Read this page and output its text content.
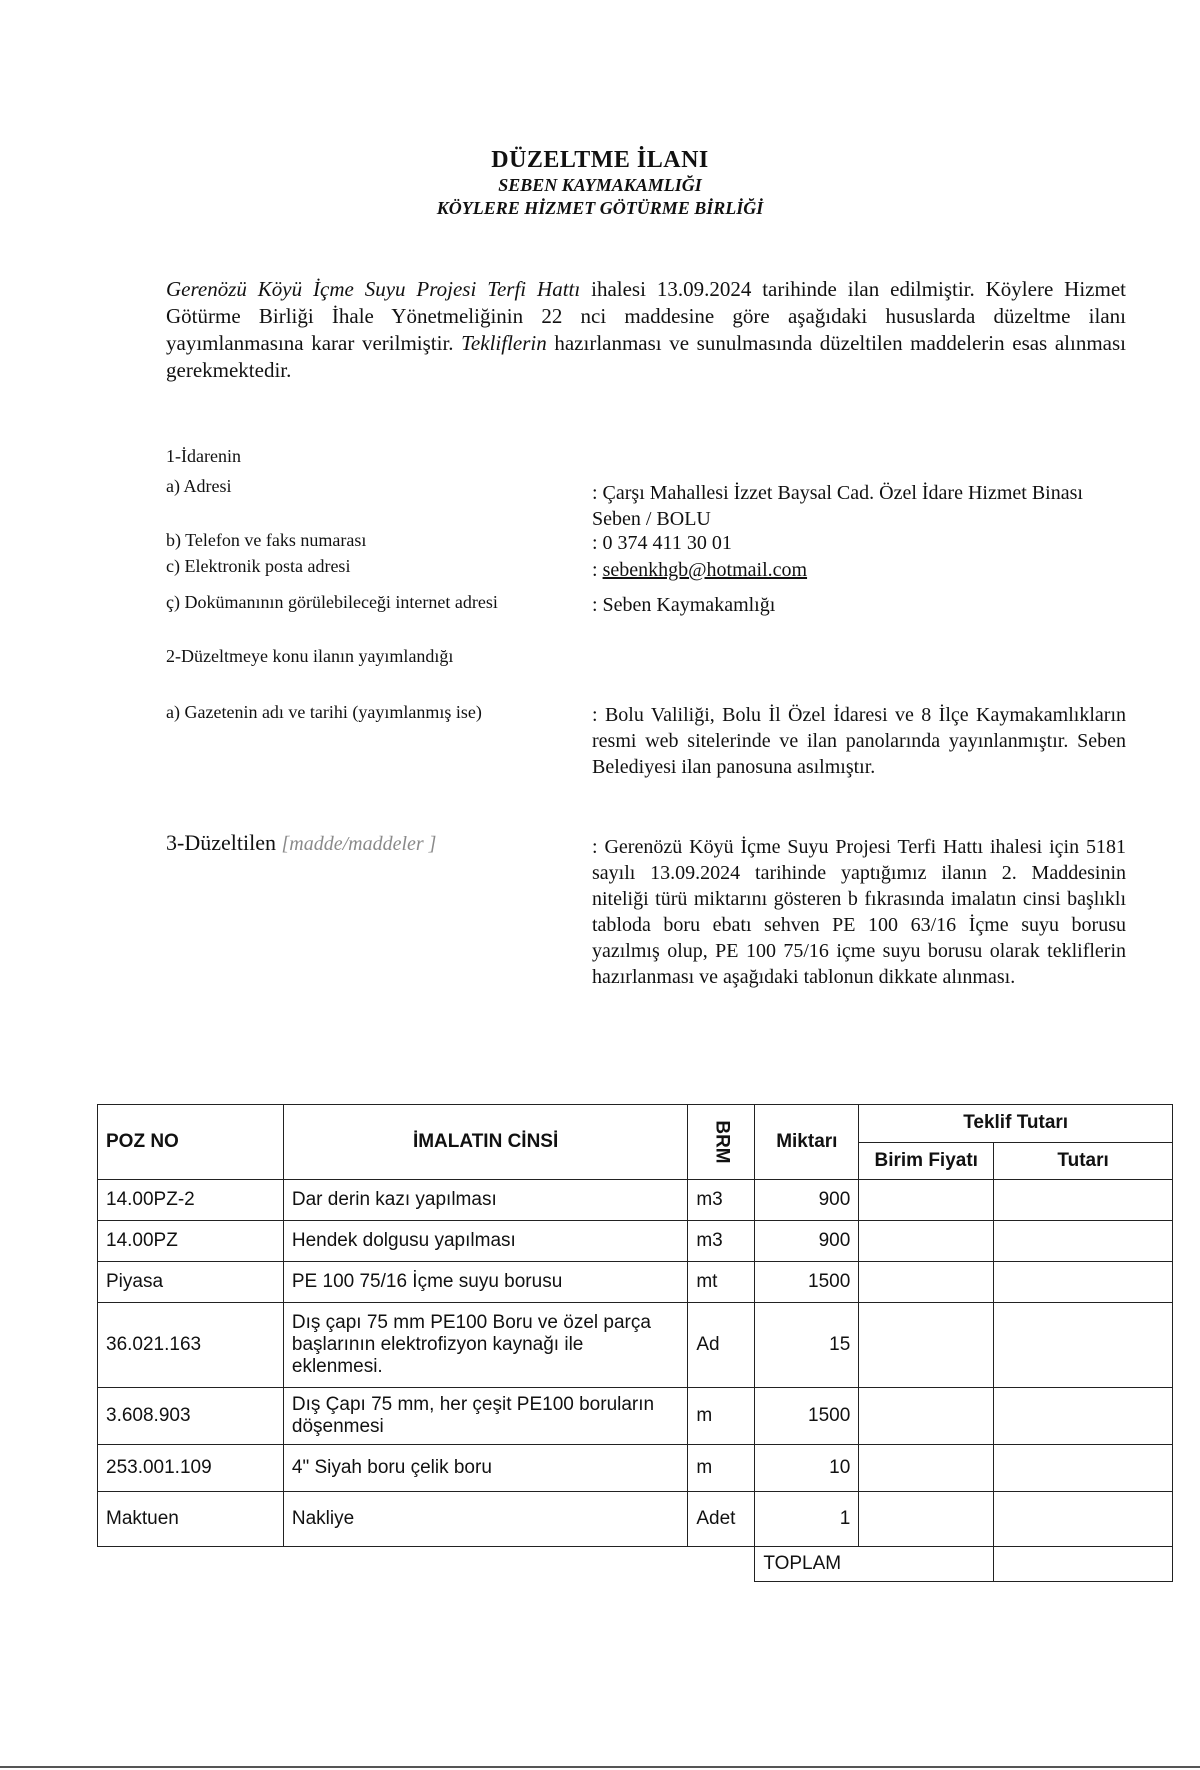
DÜZELTME İLANI
SEBEN KAYMAKAMLIĞI
KÖYLERE HİZMET GÖTÜRME BİRLİĞİ
Gerenözü Köyü İçme Suyu Projesi Terfi Hattı ihalesi 13.09.2024 tarihinde ilan edilmiştir. Köylere Hizmet Götürme Birliği İhale Yönetmeliğinin 22 nci maddesine göre aşağıdaki hususlarda düzeltme ilanı yayımlanmasına karar verilmiştir. Tekliflerin hazırlanması ve sunulmasında düzeltilen maddelerin esas alınması gerekmektedir.
1-İdarenin
a) Adresi	: Çarşı Mahallesi İzzet Baysal Cad. Özel İdare Hizmet Binası Seben / BOLU
b) Telefon ve faks numarası	: 0 374 411 30 01
c) Elektronik posta adresi	: sebenkhgb@hotmail.com
ç) Dokümanının görülebileceği internet adresi	: Seben Kaymakamlığı
2-Düzeltmeye konu ilanın yayımlandığı
a) Gazetenin adı ve tarihi (yayımlanmış ise)	: Bolu Valiliği, Bolu İl Özel İdaresi ve 8 İlçe Kaymakamlıkların resmi web sitelerinde ve ilan panolarında yayınlanmıştır. Seben Belediyesi ilan panosuna asılmıştır.
3-Düzeltilen [madde/maddeler ]	: Gerenözü Köyü İçme Suyu Projesi Terfi Hattı ihalesi için 5181 sayılı 13.09.2024 tarihinde yaptığımız ilanın 2. Maddesinin niteliği türü miktarını gösteren b fıkrasında imalatın cinsi başlıklı tabloda boru ebatı sehven PE 100 63/16 İçme suyu borusu yazılmış olup, PE 100 75/16 içme suyu borusu olarak tekliflerin hazırlanması ve aşağıdaki tablonun dikkate alınması.
POZ NO	İMALATIN CİNSİ	BRM	Miktarı	Teklif Tutarı	
				Birim Fiyatı	Tutarı
14.00PZ-2	Dar derin kazı yapılması	m3	900		
14.00PZ	Hendek dolgusu yapılması	m3	900		
Piyasa	PE 100 75/16 İçme suyu borusu	mt	1500		
36.021.163	Dış çapı 75 mm PE100 Boru ve özel parça başlarının elektrofizyon kaynağı ile eklenmesi.	Ad	15		
3.608.903	Dış Çapı 75 mm, her çeşit PE100 boruların döşenmesi	m	1500		
253.001.109	4" Siyah boru çelik boru	m	10		
Maktuen	Nakliye	Adet	1		
			TOPLAM		
